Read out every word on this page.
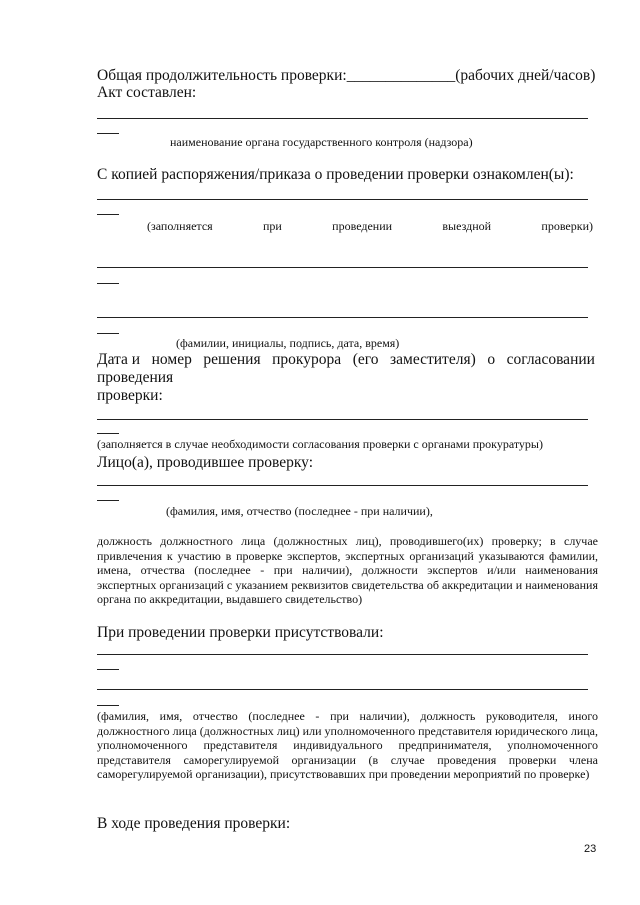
Общая продолжительность проверки:______________(рабочих дней/часов)
Акт составлен:
наименование органа государственного контроля (надзора)
С копией распоряжения/приказа о проведении проверки ознакомлен(ы):
(заполняется	при	проведении	выездной	проверки)
(фамилии, инициалы, подпись, дата, время)
Дата и номер решения прокурора (его заместителя) о согласовании
проведения
проверки:
(заполняется в случае необходимости согласования проверки с органами прокуратуры)
Лицо(а), проводившее проверку:
(фамилия, имя, отчество (последнее - при наличии),
должность должностного лица (должностных лиц), проводившего(их) проверку; в случае привлечения к участию в проверке экспертов, экспертных организаций указываются фамилии, имена, отчества (последнее - при наличии), должности экспертов и/или наименования экспертных организаций с указанием реквизитов свидетельства об аккредитации и наименования органа по аккредитации, выдавшего свидетельство)
При проведении проверки присутствовали:
(фамилия, имя, отчество (последнее - при наличии), должность руководителя, иного должностного лица (должностных лиц) или уполномоченного представителя юридического лица, уполномоченного представителя индивидуального предпринимателя, уполномоченного представителя саморегулируемой организации (в случае проведения проверки члена саморегулируемой организации), присутствовавших при проведении мероприятий по проверке)
В ходе проведения проверки:
23
